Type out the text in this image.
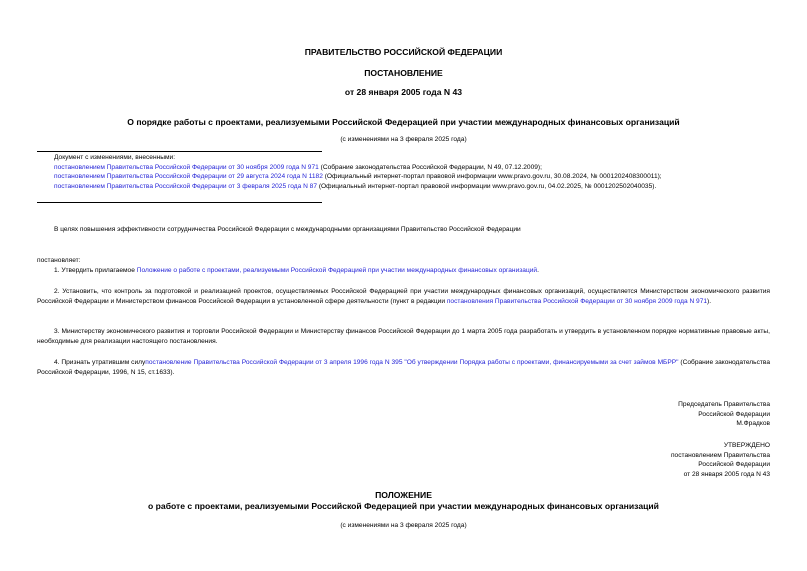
ПРАВИТЕЛЬСТВО РОССИЙСКОЙ ФЕДЕРАЦИИ
ПОСТАНОВЛЕНИЕ
от 28 января 2005 года N 43
О порядке работы с проектами, реализуемыми Российской Федерацией при участии международных финансовых организаций
(с изменениями на 3 февраля 2025 года)
Документ с изменениями, внесенными:
постановлением Правительства Российской Федерации от 30 ноября 2009 года N 971 (Собрание законодательства Российской Федерации, N 49, 07.12.2009);
постановлением Правительства Российской Федерации от 29 августа 2024 года N 1182 (Официальный интернет-портал правовой информации www.pravo.gov.ru, 30.08.2024, № 0001202408300011);
постановлением Правительства Российской Федерации от 3 февраля 2025 года N 87 (Официальный интернет-портал правовой информации www.pravo.gov.ru, 04.02.2025, № 0001202502040035).
В целях повышения эффективности сотрудничества Российской Федерации с международными организациями Правительство Российской Федерации
постановляет:
1. Утвердить прилагаемое Положение о работе с проектами, реализуемыми Российской Федерацией при участии международных финансовых организаций.
2. Установить, что контроль за подготовкой и реализацией проектов, осуществляемых Российской Федерацией при участии международных финансовых организаций, осуществляется Министерством экономического развития Российской Федерации и Министерством финансов Российской Федерации в установленной сфере деятельности (пункт в редакции постановления Правительства Российской Федерации от 30 ноября 2009 года N 971).
3. Министерству экономического развития и торговли Российской Федерации и Министерству финансов Российской Федерации до 1 марта 2005 года разработать и утвердить в установленном порядке нормативные правовые акты, необходимые для реализации настоящего постановления.
4. Признать утратившим силупостановление Правительства Российской Федерации от 3 апреля 1996 года N 395 "Об утверждении Порядка работы с проектами, финансируемыми за счет займов МБРР" (Собрание законодательства Российской Федерации, 1996, N 15, ст.1633).
Председатель Правительства
Российской Федерации
М.Фрадков
УТВЕРЖДЕНО
постановлением Правительства
Российской Федерации
от 28 января 2005 года N 43
ПОЛОЖЕНИЕ
о работе с проектами, реализуемыми Российской Федерацией при участии международных финансовых организаций
(с изменениями на 3 февраля 2025 года)
